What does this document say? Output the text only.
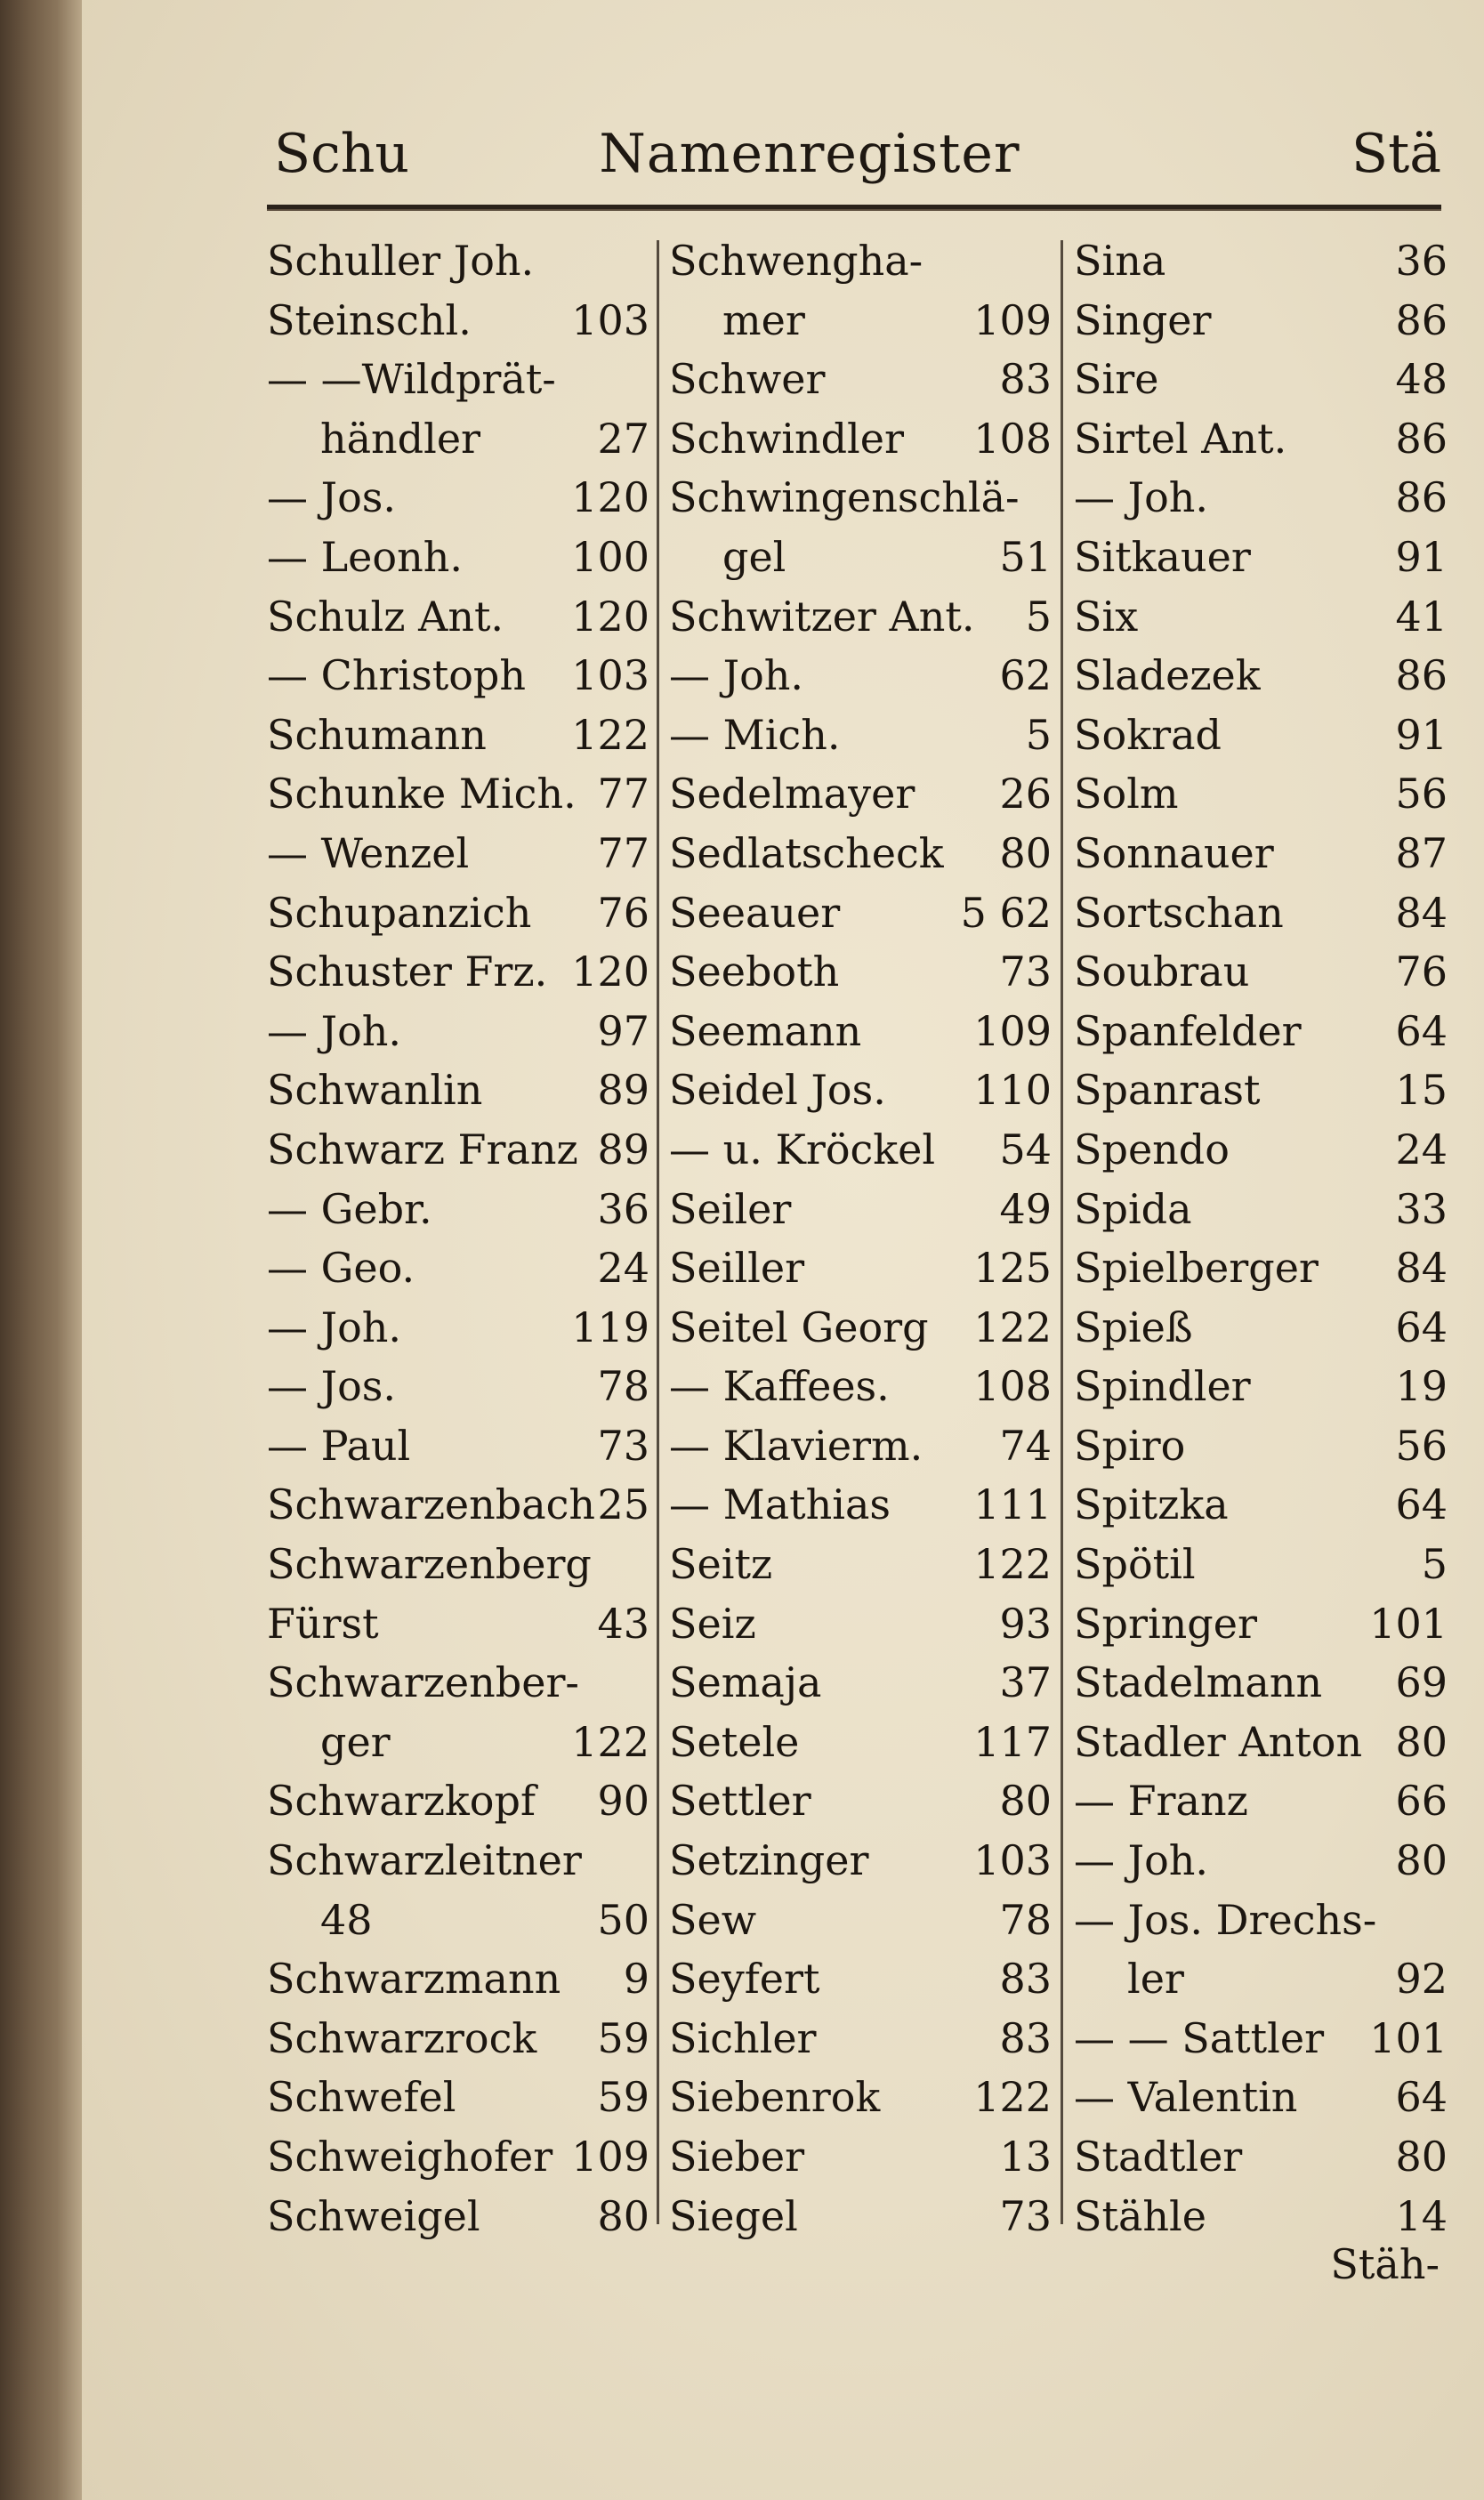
Namenregister
Schu	Stä
Schuller Joh.
Steinschl. 103
— —Wildprät-
händler	27
— Jos.	120
— Leonh.	100
Schulz Ant. 120
— Christoph 103
Schumann 122
Schunke Mich. 77
— Wenzel	77
Schupanzich 76
Schuster Frz. 120
— Joh.	97
Schwanlin	89
Schwarz Franz 89
— Gebr.	36
— Geo.	24
— Joh.	119
— Jos.	78
— Paul	73
Schwarzenbach 25
Schwarzenberg
Fürst	43
Schwarzenber-
ger	122
Schwarzkopf 90
Schwarzleitner
48	50
Schwarzmann 9
Schwarzrock 59
Schwefel	59
Schweighofer 109
Schweigel	80
Schwengha-
mer	109
Schwer	83
Schwindler 108
Schwingenschlä-
gel	51
Schwitzer Ant. 5
— Joh.	62
— Mich.	5
Sedelmayer 26
Sedlatscheck 80
Seeauer	5 62
Seeboth	73
Seemann	109
Seidel Jos. 110
— u. Kröckel 54
Seiler	49
Seiller	125
Seitel Georg 122
— Kaffees. 108
— Klavierm. 74
— Mathias 111
Seitz	122
Seiz	93
Semaja	37
Setele	117
Settler	80
Setzinger	103
Sew	78
Seyfert	83
Sichler	83
Siebenrok 122
Sieber	13
Siegel	73
Sina	36
Singer	86
Sire	48
Sirtel Ant.	86
— Joh.	86
Sitkauer	91
Six	41
Sladezek	86
Sokrad	91
Solm	56
Sonnauer	87
Sortschan	84
Soubrau	76
Spanfelder 64
Spanrast	15
Spendo	24
Spida	33
Spielberger 84
Spieß	64
Spindler	19
Spiro	56
Spitzka	64
Spötil	5
Springer	101
Stadelmann 69
Stadler Anton 80
— Franz	66
— Joh.	80
— Jos. Drechs-
ler	92
— — Sattler 101
— Valentin 64
Stadtler	80
Stähle	14
Stäh-
